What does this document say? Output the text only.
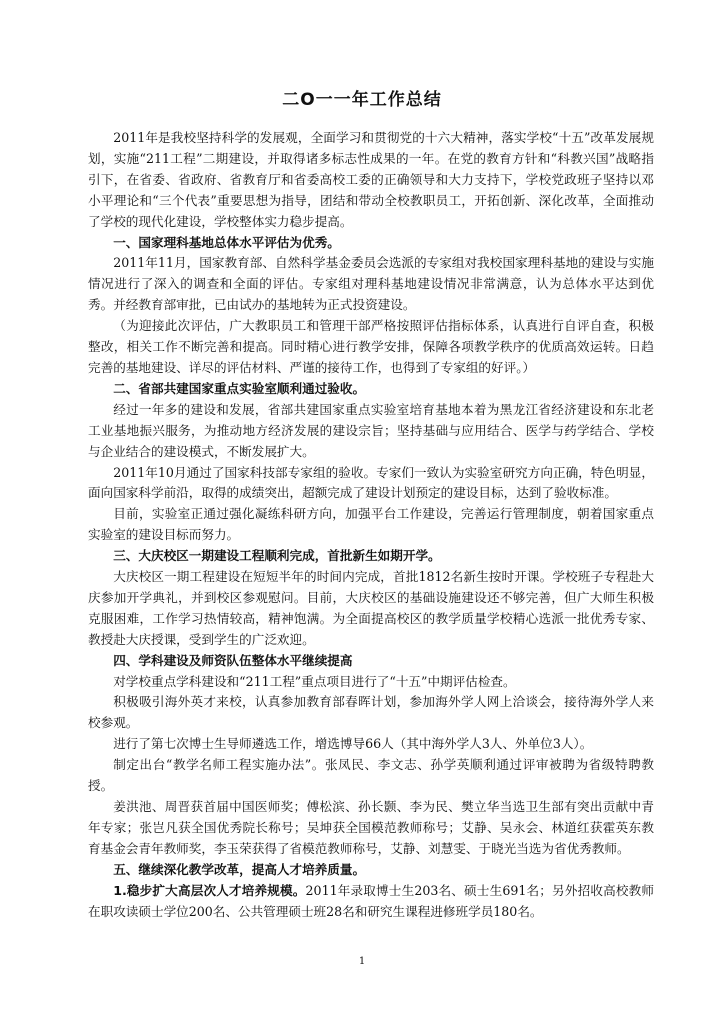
二O一一年工作总结

2011年是我校坚持科学的发展观，全面学习和贯彻党的十六大精神，落实学校“十五”改革发展规划，实施“211工程”二期建设，并取得诸多标志性成果的一年。在党的教育方针和“科教兴国”战略指引下，在省委、省政府、省教育厅和省委高校工委的正确领导和大力支持下，学校党政班子坚持以邓小平理论和“三个代表”重要思想为指导，团结和带动全校教职员工，开拓创新、深化改革，全面推动了学校的现代化建设，学校整体实力稳步提高。

一、国家理科基地总体水平评估为优秀。

2011年11月，国家教育部、自然科学基金委员会选派的专家组对我校国家理科基地的建设与实施情况进行了深入的调查和全面的评估。专家组对理科基地建设情况非常满意，认为总体水平达到优秀。并经教育部审批，已由试办的基地转为正式投资建设。

（为迎接此次评估，广大教职员工和管理干部严格按照评估指标体系，认真进行自评自查，积极整改，相关工作不断完善和提高。同时精心进行教学安排，保障各项教学秩序的优质高效运转。日趋完善的基地建设、详尽的评估材料、严谨的接待工作，也得到了专家组的好评。）

二、省部共建国家重点实验室顺利通过验收。

经过一年多的建设和发展，省部共建国家重点实验室培育基地本着为黑龙江省经济建设和东北老工业基地振兴服务，为推动地方经济发展的建设宗旨；坚持基础与应用结合、医学与药学结合、学校与企业结合的建设模式，不断发展扩大。

2011年10月通过了国家科技部专家组的验收。专家们一致认为实验室研究方向正确，特色明显，面向国家科学前沿，取得的成绩突出，超额完成了建设计划预定的建设目标，达到了验收标准。

目前，实验室正通过强化凝练科研方向，加强平台工作建设，完善运行管理制度，朝着国家重点实验室的建设目标而努力。

三、大庆校区一期建设工程顺利完成，首批新生如期开学。

大庆校区一期工程建设在短短半年的时间内完成，首批1812名新生按时开课。学校班子专程赴大庆参加开学典礼，并到校区参观慰问。目前，大庆校区的基础设施建设还不够完善，但广大师生积极克服困难，工作学习热情较高，精神饱满。为全面提高校区的教学质量学校精心选派一批优秀专家、教授赴大庆授课，受到学生的广泛欢迎。

四、学科建设及师资队伍整体水平继续提高

对学校重点学科建设和“211工程”重点项目进行了“十五”中期评估检查。

积极吸引海外英才来校，认真参加教育部春晖计划，参加海外学人网上洽谈会，接待海外学人来校参观。

进行了第七次博士生导师遴选工作，增选博导66人（其中海外学人3人、外单位3人）。

制定出台“教学名师工程实施办法”。张凤民、李文志、孙学英顺利通过评审被聘为省级特聘教授。

姜洪池、周晋获首届中国医师奖；傅松滨、孙长颢、李为民、樊立华当选卫生部有突出贡献中青年专家；张岂凡获全国优秀院长称号；吴坤获全国模范教师称号；艾静、吴永会、林道红获霍英东教育基金会青年教师奖，李玉荣获得了省模范教师称号，艾静、刘慧雯、于晓光当选为省优秀教师。

五、继续深化教学改革，提高人才培养质量。

1.稳步扩大高层次人才培养规模。2011年录取博士生203名、硕士生691名；另外招收高校教师在职攻读硕士学位200名、公共管理硕士班28名和研究生课程进修班学员180名。

1
